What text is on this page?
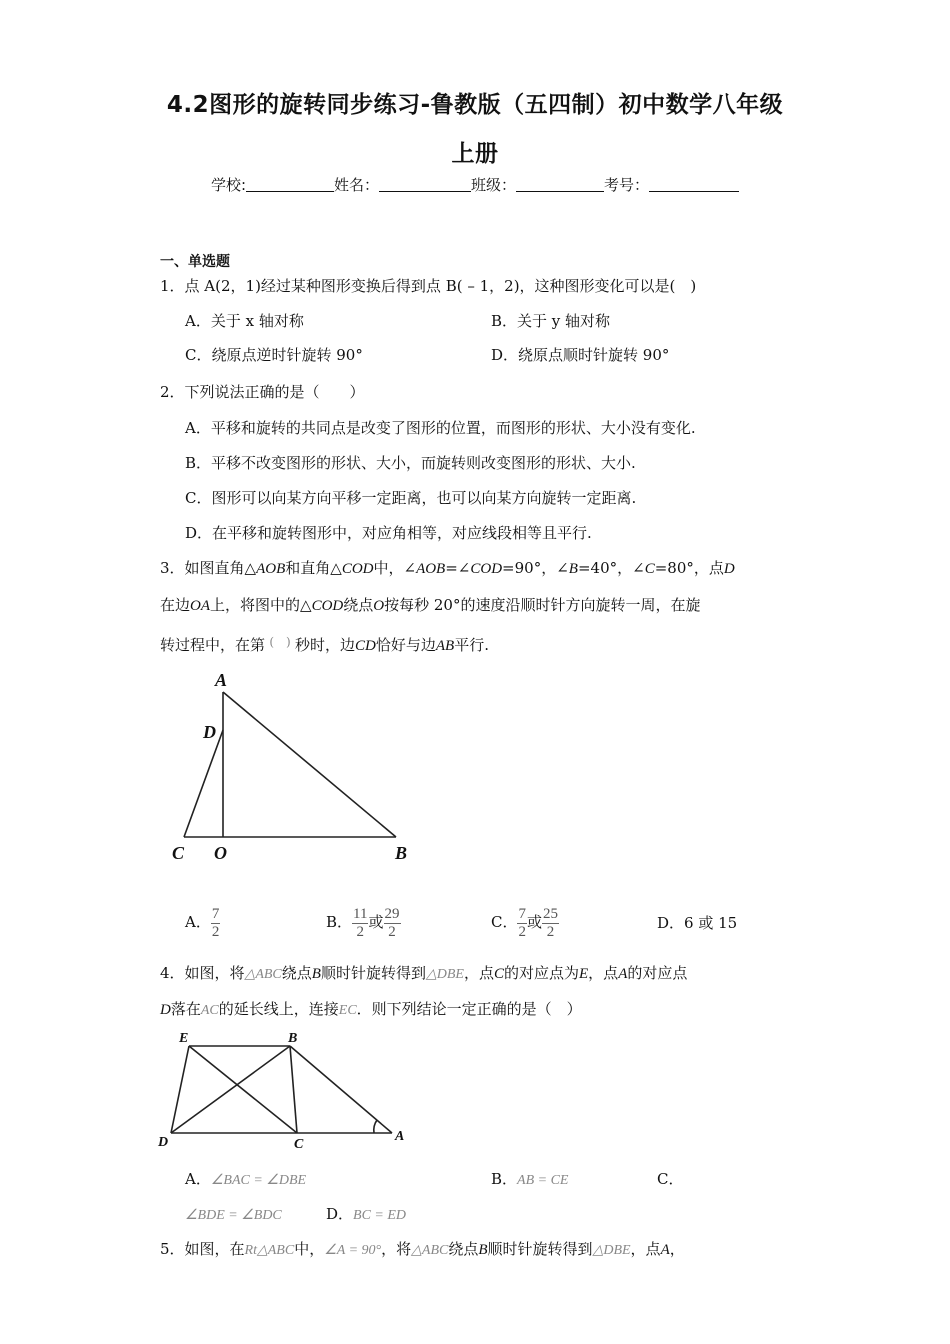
4.2图形的旋转同步练习-鲁教版（五四制）初中数学八年级
上册
学校:	姓名：	班级：	考号：
一、单选题
1．点 A(2，1)经过某种图形变换后得到点 B( – 1，2)，这种图形变化可以是(　)
A．关于 x 轴对称	B．关于 y 轴对称
C．绕原点逆时针旋转 90°	D．绕原点顺时针旋转 90°
2．下列说法正确的是（　　）
A．平移和旋转的共同点是改变了图形的位置，而图形的形状、大小没有变化.
B．平移不改变图形的形状、大小，而旋转则改变图形的形状、大小.
C．图形可以向某方向平移一定距离，也可以向某方向旋转一定距离.
D．在平移和旋转图形中，对应角相等，对应线段相等且平行.
3．如图直角△AOB和直角△COD中，∠AOB=∠COD=90°，∠B=40°，∠C=80°，点D
在边OA上，将图中的△COD绕点O按每秒 20°的速度沿顺时针方向旋转一周，在旋
转过程中，在第 (　) 秒时，边CD恰好与边AB平行.
A
D
C O	B
A． $\frac{7}{2}$	B． $\frac{11}{2}$ 或 $\frac{29}{2}$	C． $\frac{7}{2}$ 或 $\frac{25}{2}$	D．6 或 15
4．如图，将△ABC绕点B顺时针旋转得到△DBE，点C的对应点为E，点A的对应点
D落在AC的延长线上，连接EC．则下列结论一定正确的是（　）
E	B
D	C
A
A．∠BAC = ∠DBE	B．AB = CE	C．
∠BDE = ∠BDC	D．BC = ED
5．如图，在Rt△ABC中，∠A = 90°，将△ABC绕点B顺时针旋转得到△DBE，点A，
